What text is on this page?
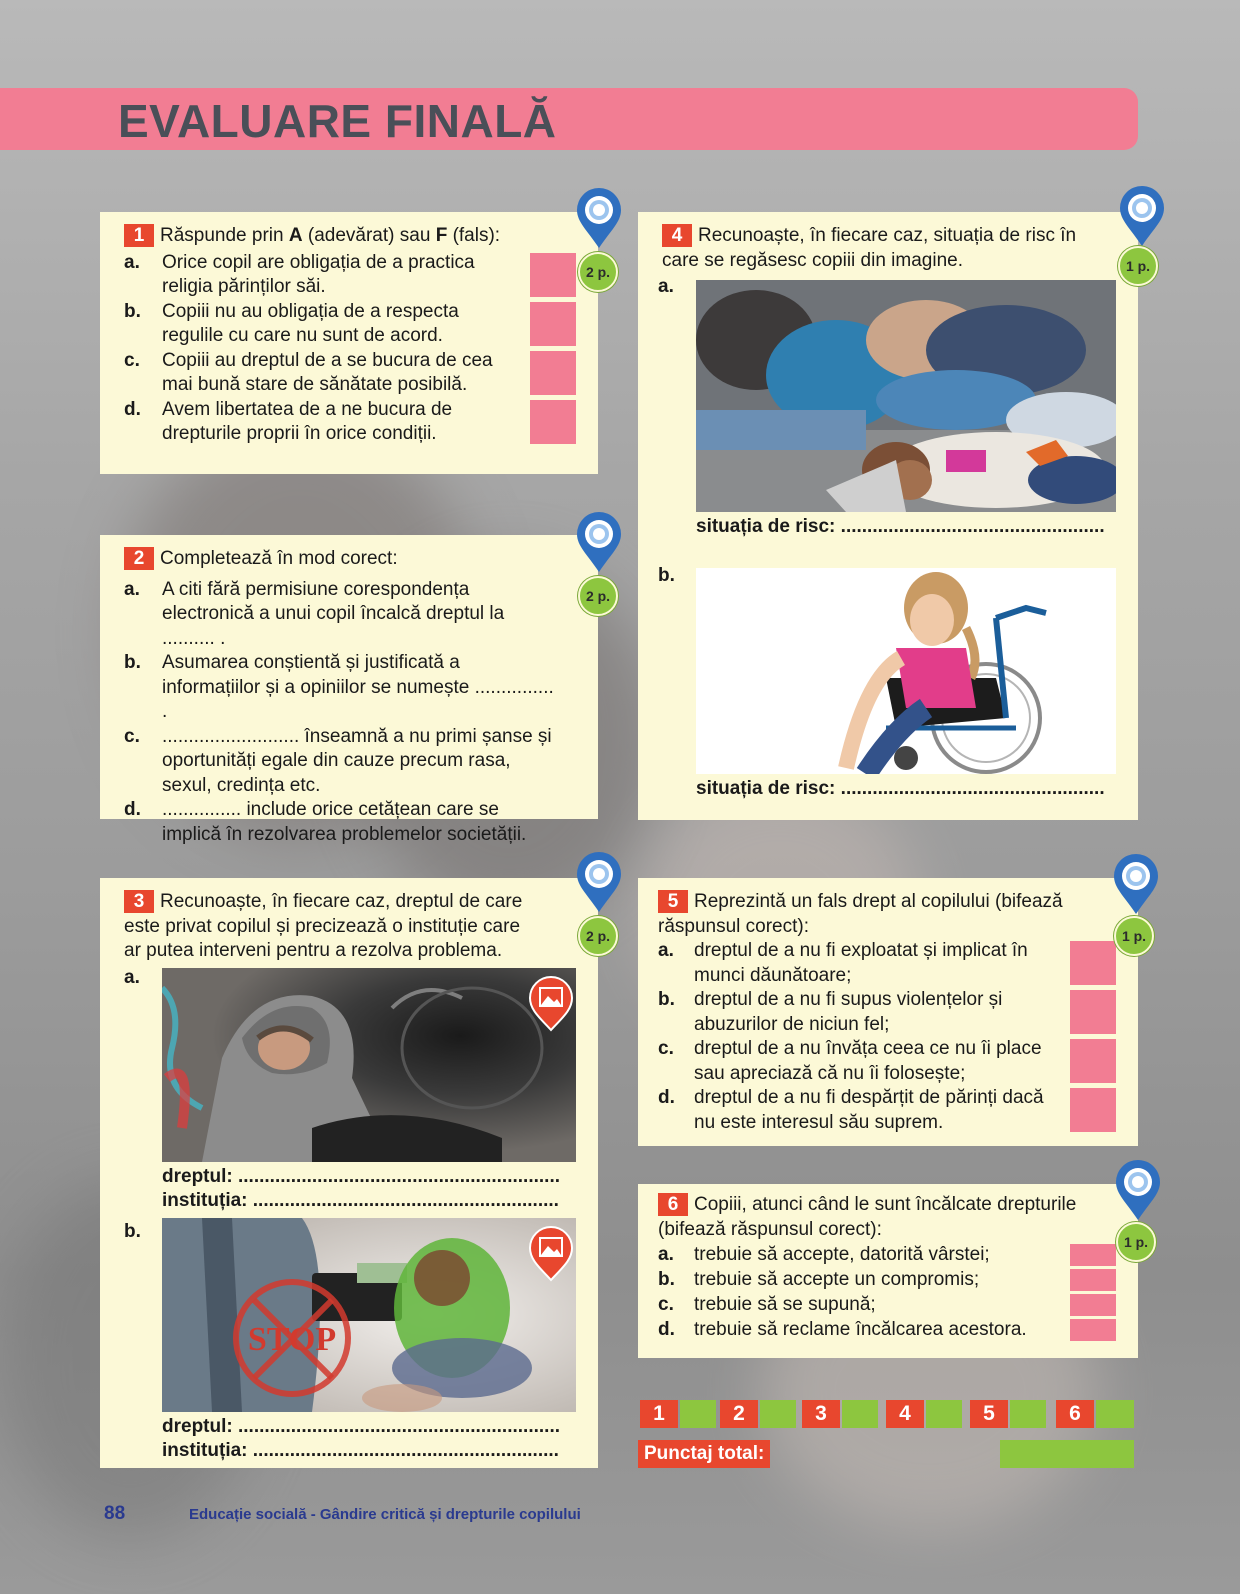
EVALUARE FINALĂ
1 Răspunde prin A (adevărat) sau F (fals):
a. Orice copil are obligația de a practica religia părinților săi.
b. Copiii nu au obligația de a respecta regulile cu care nu sunt de acord.
c. Copiii au dreptul de a se bucura de cea mai bună stare de sănătate posibilă.
d. Avem libertatea de a ne bucura de drepturile proprii în orice condiții.
2 p.
2 Completează în mod corect:
a. A citi fără permisiune corespondența electronică a unui copil încalcă dreptul la .......... .
b. Asumarea conștientă și justificată a informațiilor și a opiniilor se numește ............... .
c. .......................... înseamnă a nu primi șanse și oportunități egale din cauze precum rasa, sexul, credința etc.
d. ............... include orice cetățean care se implică în rezolvarea problemelor societății.
2 p.
3 Recunoaște, în fiecare caz, dreptul de care este privat copilul și precizează o instituție care ar putea interveni pentru a rezolva problema.
a.
b.
dreptul: .............................................................
instituția: ..........................................................
STOP
dreptul: .............................................................
instituția: ..........................................................
2 p.
4 Recunoaște, în fiecare caz, situația de risc în care se regăsesc copiii din imagine.
a.
b.
situația de risc: ..................................................
situația de risc: ..................................................
1 p.
5 Reprezintă un fals drept al copilului (bifează răspunsul corect):
a. dreptul de a nu fi exploatat și implicat în munci dăunătoare;
b. dreptul de a nu fi supus violențelor și abuzurilor de niciun fel;
c. dreptul de a nu învăța ceea ce nu îi place sau apreciază că nu îi folosește;
d. dreptul de a nu fi despărțit de părinți dacă nu este interesul său suprem.
1 p.
6 Copiii, atunci când le sunt încălcate drepturile (bifează răspunsul corect):
a. trebuie să accepte, datorită vârstei;
b. trebuie să accepte un compromis;
c. trebuie să se supună;
d. trebuie să reclame încălcarea acestora.
1 p.
1	2	3	4	5	6
Punctaj total:
88	Educație socială - Gândire critică și drepturile copilului
